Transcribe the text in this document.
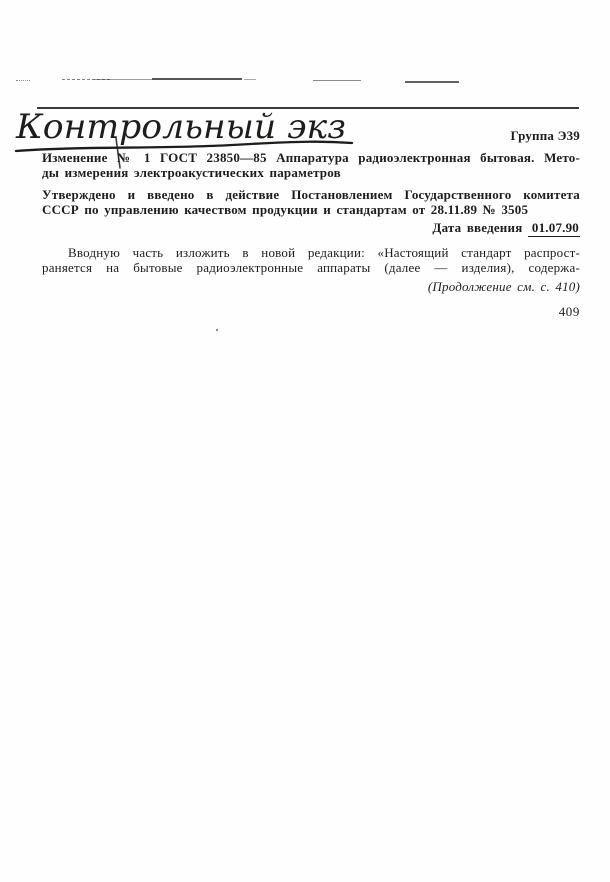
Контрольный экз	Группа Э39
Изменение № 1 ГОСТ 23850—85 Аппаратура радиоэлектронная бытовая. Мето-
ды измерения электроакустических параметров
Утверждено и введено в действие Постановлением Государственного комитета
СССР по управлению качеством продукции и стандартам от 28.11.89 № 3505
Дата введения 01.07.90
Вводную часть изложить в новой редакции: «Настоящий стандарт распрост-
раняется на бытовые радиоэлектронные аппараты (далее — изделия), содержа-
(Продолжение см. с. 410)
409
